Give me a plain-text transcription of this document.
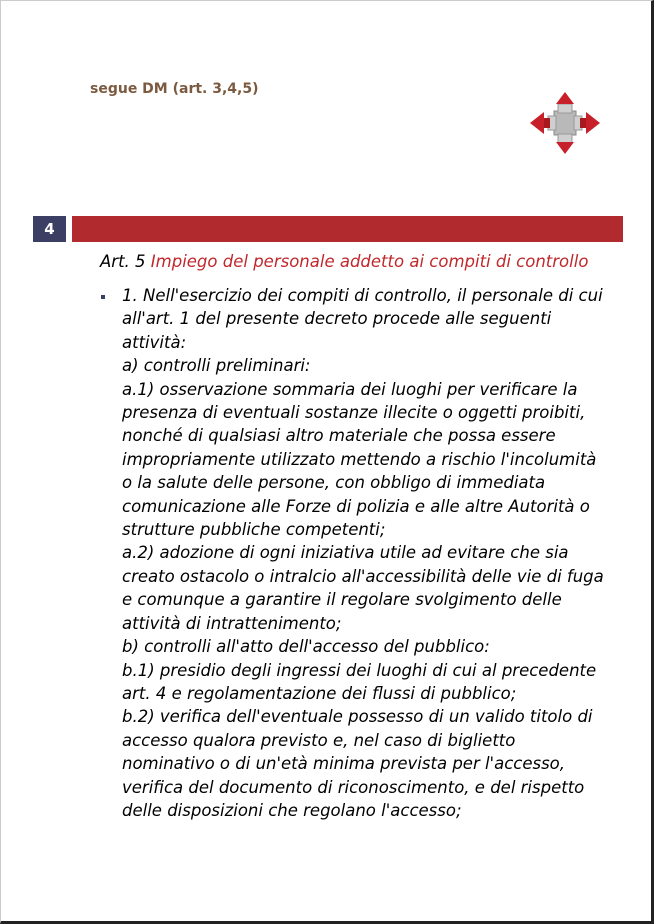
segue DM (art. 3,4,5)
4
Art. 5 Impiego del personale addetto ai compiti di controllo
1. Nell'esercizio dei compiti di controllo, il personale di cui
all'art. 1 del presente decreto procede alle seguenti
attività:
a) controlli preliminari:
a.1) osservazione sommaria dei luoghi per verificare la
presenza di eventuali sostanze illecite o oggetti proibiti,
nonché di qualsiasi altro materiale che possa essere
impropriamente utilizzato mettendo a rischio l'incolumità
o la salute delle persone, con obbligo di immediata
comunicazione alle Forze di polizia e alle altre Autorità o
strutture pubbliche competenti;
a.2) adozione di ogni iniziativa utile ad evitare che sia
creato ostacolo o intralcio all'accessibilità delle vie di fuga
e comunque a garantire il regolare svolgimento delle
attività di intrattenimento;
b) controlli all'atto dell'accesso del pubblico:
b.1) presidio degli ingressi dei luoghi di cui al precedente
art. 4 e regolamentazione dei flussi di pubblico;
b.2) verifica dell'eventuale possesso di un valido titolo di
accesso qualora previsto e, nel caso di biglietto
nominativo o di un'età minima prevista per l'accesso,
verifica del documento di riconoscimento, e del rispetto
delle disposizioni che regolano l'accesso;
